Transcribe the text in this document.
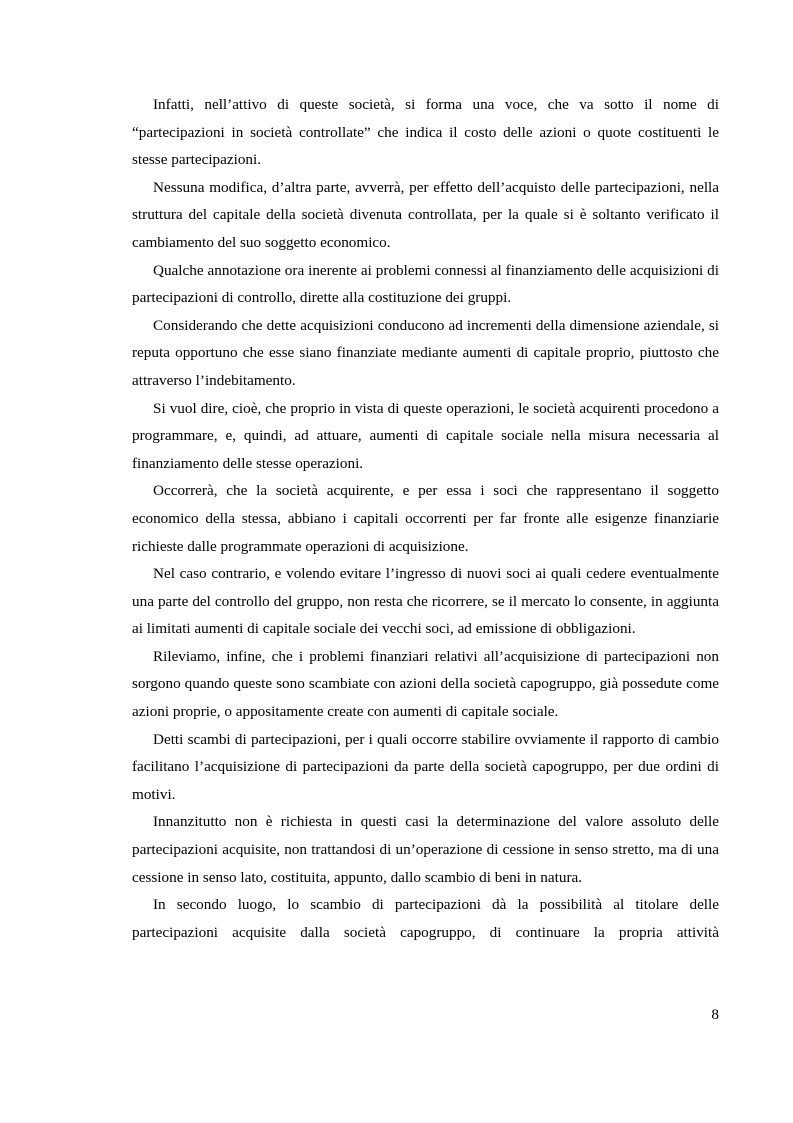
Infatti, nell’attivo di queste società, si forma una voce, che va sotto il nome di “partecipazioni in società controllate” che indica il costo delle azioni o quote costituenti le stesse partecipazioni.

Nessuna modifica, d’altra parte, avverrà, per effetto dell’acquisto delle partecipazioni, nella struttura del capitale della società divenuta controllata, per la quale si è soltanto verificato il cambiamento del suo soggetto economico.

Qualche annotazione ora inerente ai problemi connessi al finanziamento delle acquisizioni di partecipazioni di controllo, dirette alla costituzione dei gruppi.

Considerando che dette acquisizioni conducono ad incrementi della dimensione aziendale, si reputa opportuno che esse siano finanziate mediante aumenti di capitale proprio, piuttosto che attraverso l’indebitamento.

Si vuol dire, cioè, che proprio in vista di queste operazioni, le società acquirenti procedono a programmare, e, quindi, ad attuare, aumenti di capitale sociale nella misura necessaria al finanziamento delle stesse operazioni.

Occorrerà, che la società acquirente, e per essa i soci che rappresentano il soggetto economico della stessa, abbiano i capitali occorrenti per far fronte alle esigenze finanziarie richieste dalle programmate operazioni di acquisizione.

Nel caso contrario, e volendo evitare l’ingresso di nuovi soci ai quali cedere eventualmente una parte del controllo del gruppo, non resta che ricorrere, se il mercato lo consente, in aggiunta ai limitati aumenti di capitale sociale dei vecchi soci, ad emissione di obbligazioni.

Rileviamo, infine, che i problemi finanziari relativi all’acquisizione di partecipazioni non sorgono quando queste sono scambiate con azioni della società capogruppo, già possedute come azioni proprie, o appositamente create con aumenti di capitale sociale.

Detti scambi di partecipazioni, per i quali occorre stabilire ovviamente il rapporto di cambio facilitano l’acquisizione di partecipazioni da parte della società capogruppo, per due ordini di motivi.

Innanzitutto non è richiesta in questi casi la determinazione del valore assoluto delle partecipazioni acquisite, non trattandosi di un’operazione di cessione in senso stretto, ma di una cessione in senso lato, costituita, appunto, dallo scambio di beni in natura.

In secondo luogo, lo scambio di partecipazioni dà la possibilità al titolare delle partecipazioni acquisite dalla società capogruppo, di continuare la propria attività

8
